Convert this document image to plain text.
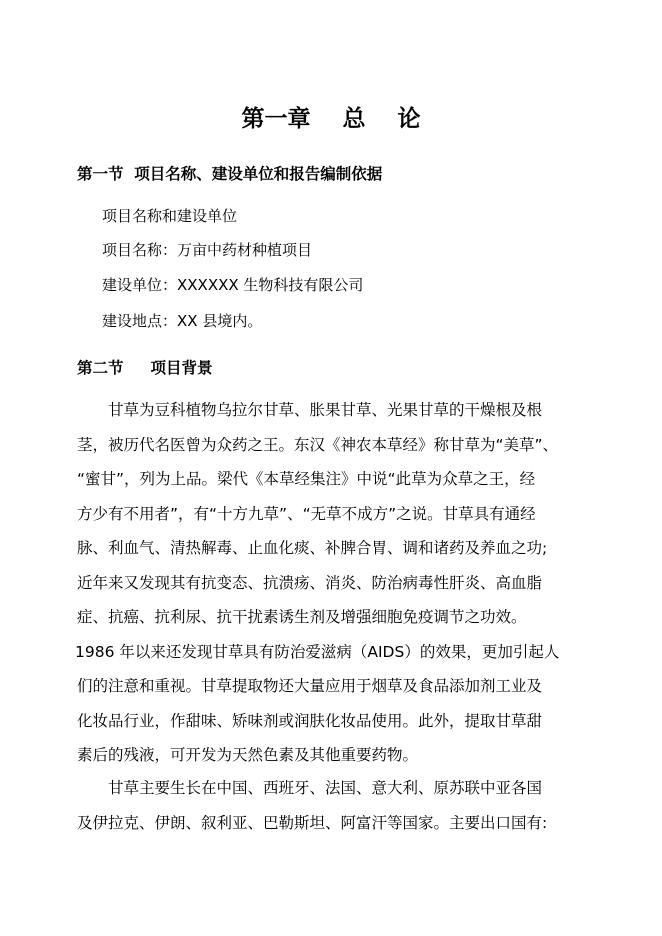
第一章    总    论
第一节  项目名称、建设单位和报告编制依据
项目名称和建设单位
项目名称：万亩中药材种植项目
建设单位：XXXXXX 生物科技有限公司
建设地点：XX 县境内。
第二节     项目背景
甘草为豆科植物乌拉尔甘草、胀果甘草、光果甘草的干燥根及根
茎，被历代名医曾为众药之王。东汉《神农本草经》称甘草为“美草”、
“蜜甘”，列为上品。梁代《本草经集注》中说“此草为众草之王，经
方少有不用者”，有“十方九草”、“无草不成方”之说。甘草具有通经
脉、利血气、清热解毒、止血化痰、补脾合胃、调和诸药及养血之功;
近年来又发现其有抗变态、抗溃疡、消炎、防治病毒性肝炎、高血脂
症、抗癌、抗利尿、抗干扰素诱生剂及增强细胞免疫调节之功效。
1986 年以来还发现甘草具有防治爱滋病（AIDS）的效果，更加引起人
们的注意和重视。甘草提取物还大量应用于烟草及食品添加剂工业及
化妆品行业，作甜味、矫味剂或润肤化妆品使用。此外，提取甘草甜
素后的残液，可开发为天然色素及其他重要药物。
甘草主要生长在中国、西班牙、法国、意大利、原苏联中亚各国
及伊拉克、伊朗、叙利亚、巴勒斯坦、阿富汗等国家。主要出口国有:
